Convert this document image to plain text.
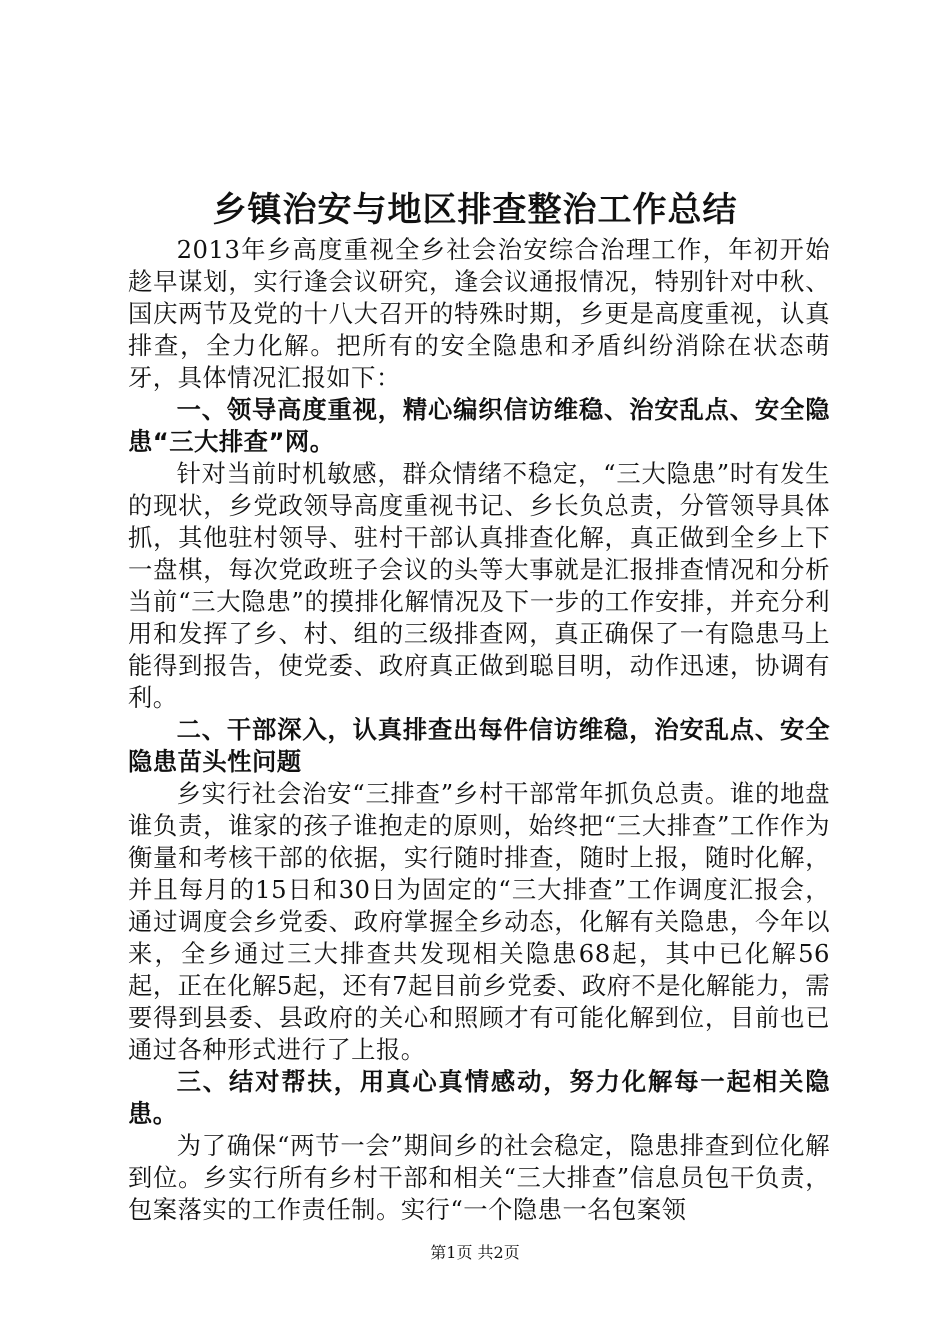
乡镇治安与地区排查整治工作总结

2013年乡高度重视全乡社会治安综合治理工作，年初开始趁早谋划，实行逢会议研究，逢会议通报情况，特别针对中秋、国庆两节及党的十八大召开的特殊时期，乡更是高度重视，认真排查，全力化解。把所有的安全隐患和矛盾纠纷消除在状态萌牙，具体情况汇报如下：

一、领导高度重视，精心编织信访维稳、治安乱点、安全隐患“三大排查”网。

针对当前时机敏感，群众情绪不稳定，“三大隐患”时有发生的现状，乡党政领导高度重视书记、乡长负总责，分管领导具体抓，其他驻村领导、驻村干部认真排查化解，真正做到全乡上下一盘棋，每次党政班子会议的头等大事就是汇报排查情况和分析当前“三大隐患”的摸排化解情况及下一步的工作安排，并充分利用和发挥了乡、村、组的三级排查网，真正确保了一有隐患马上能得到报告，使党委、政府真正做到聪目明，动作迅速，协调有利。

二、干部深入，认真排查出每件信访维稳，治安乱点、安全隐患苗头性问题

乡实行社会治安“三排查”乡村干部常年抓负总责。谁的地盘谁负责，谁家的孩子谁抱走的原则，始终把“三大排查”工作作为衡量和考核干部的依据，实行随时排查，随时上报，随时化解，并且每月的15日和30日为固定的“三大排查”工作调度汇报会，通过调度会乡党委、政府掌握全乡动态，化解有关隐患，今年以来，全乡通过三大排查共发现相关隐患68起，其中已化解56起，正在化解5起，还有7起目前乡党委、政府不是化解能力，需要得到县委、县政府的关心和照顾才有可能化解到位，目前也已通过各种形式进行了上报。

三、结对帮扶，用真心真情感动，努力化解每一起相关隐患。

为了确保“两节一会”期间乡的社会稳定，隐患排查到位化解到位。乡实行所有乡村干部和相关“三大排查”信息员包干负责，包案落实的工作责任制。实行“一个隐患一名包案领

第1页 共2页
